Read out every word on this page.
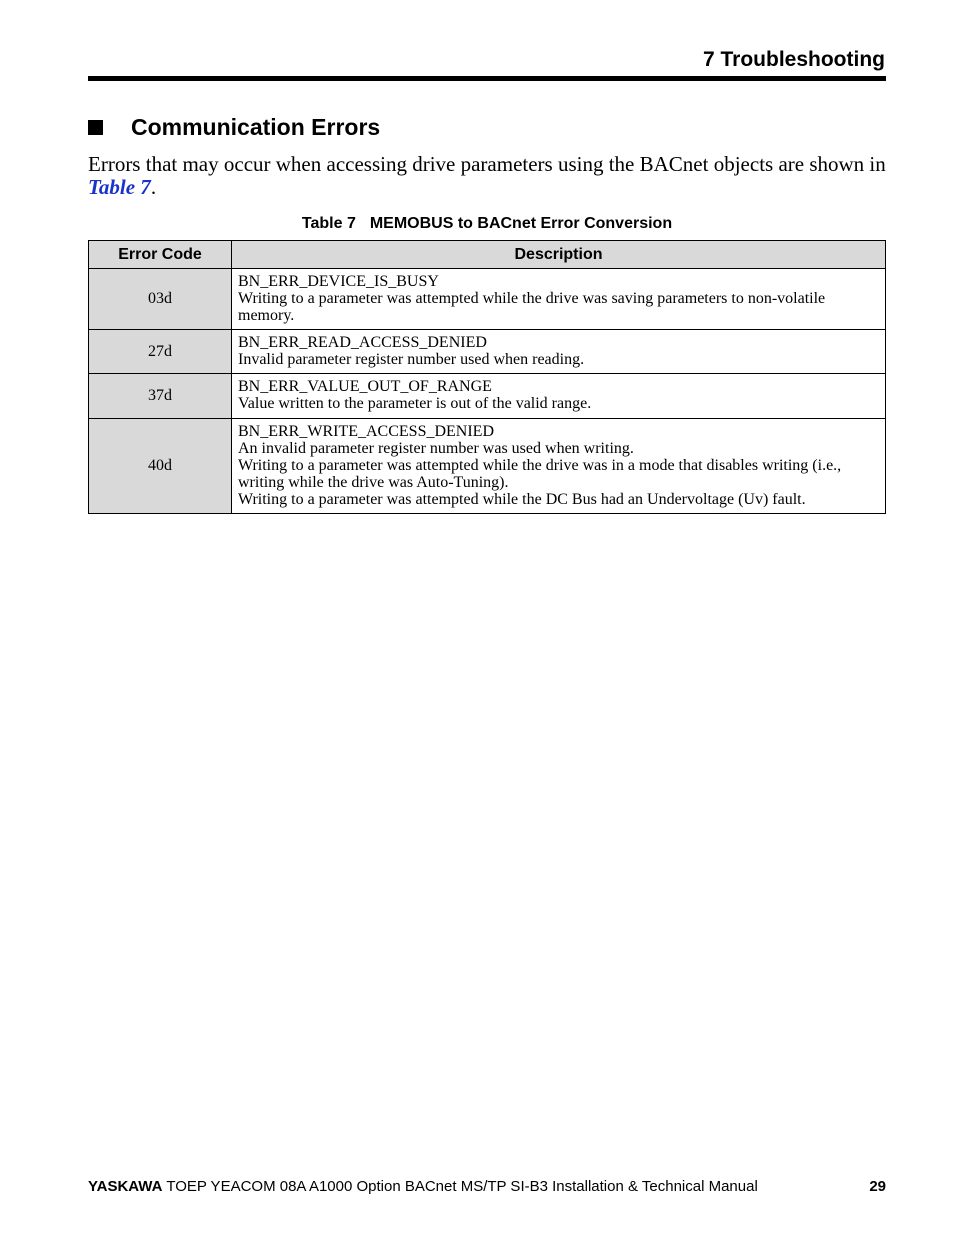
7 Troubleshooting
Communication Errors

Errors that may occur when accessing drive parameters using the BACnet objects are shown in Table 7.

Table 7 MEMOBUS to BACnet Error Conversion

Error Code	Description
03d	BN_ERR_DEVICE_IS_BUSY
Writing to a parameter was attempted while the drive was saving parameters to non-volatile memory.

27d	BN_ERR_READ_ACCESS_DENIED
Invalid parameter register number used when reading.

37d	BN_ERR_VALUE_OUT_OF_RANGE
Value written to the parameter is out of the valid range.

40d	BN_ERR_WRITE_ACCESS_DENIED
An invalid parameter register number was used when writing.
Writing to a parameter was attempted while the drive was in a mode that disables writing (i.e., writing while the drive was Auto-Tuning).
Writing to a parameter was attempted while the DC Bus had an Undervoltage (Uv) fault.
YASKAWA TOEP YEACOM 08A A1000 Option BACnet MS/TP SI-B3 Installation & Technical Manual	29
